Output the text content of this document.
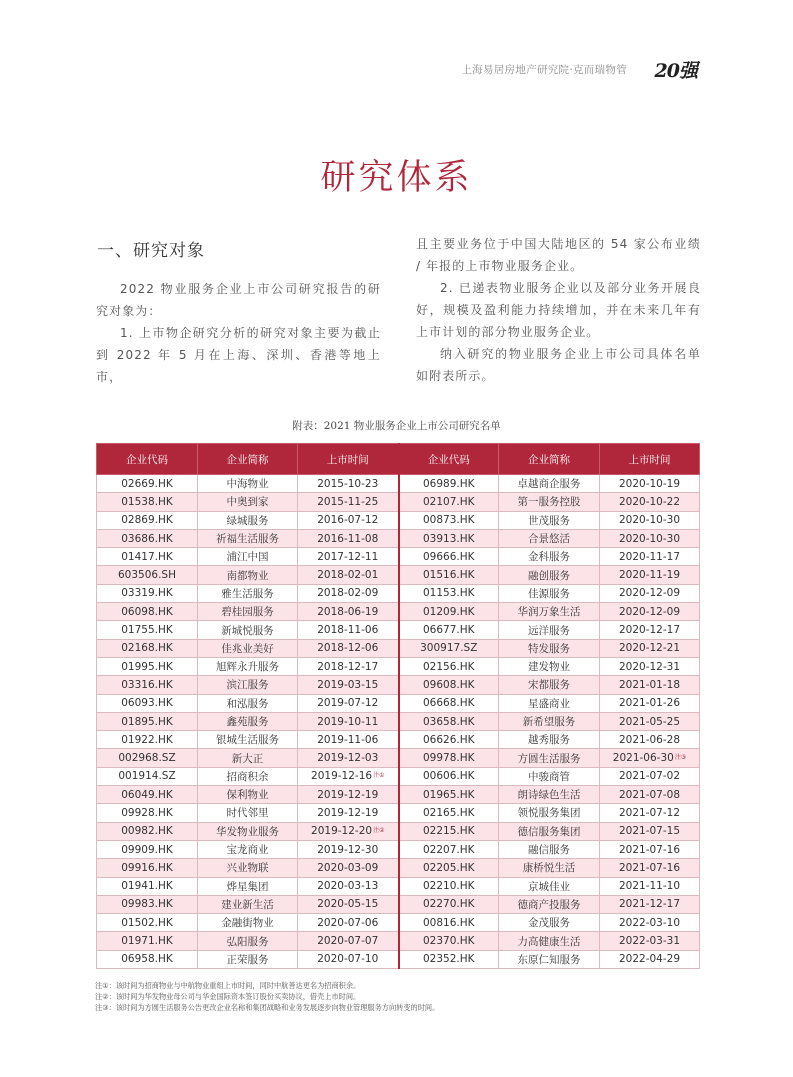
上海易居房地产研究院·克而瑞物管 20强
研究体系
一、研究对象

2022 物业服务企业上市公司研究报告的研究对象为：

1. 上市物企研究分析的研究对象主要为截止到 2022 年 5 月在上海、深圳、香港等地上市，

且主要业务位于中国大陆地区的 54 家公布业绩 / 年报的上市物业服务企业。

2. 已递表物业服务企业以及部分业务开展良好，规模及盈利能力持续增加，并在未来几年有上市计划的部分物业服务企业。

纳入研究的物业服务企业上市公司具体名单如附表所示。

附表：2021 物业服务企业上市公司研究名单
企业代码	企业简称	上市时间	企业代码	企业简称	上市时间
02669.HK	中海物业	2015-10-23	06989.HK	卓越商企服务	2020-10-19
01538.HK	中奥到家	2015-11-25	02107.HK	第一服务控股	2020-10-22
02869.HK	绿城服务	2016-07-12	00873.HK	世茂服务	2020-10-30
03686.HK	祈福生活服务	2016-11-08	03913.HK	合景悠活	2020-10-30
01417.HK	浦江中国	2017-12-11	09666.HK	金科服务	2020-11-17
603506.SH	南都物业	2018-02-01	01516.HK	融创服务	2020-11-19
03319.HK	雅生活服务	2018-02-09	01153.HK	佳源服务	2020-12-09
06098.HK	碧桂园服务	2018-06-19	01209.HK	华润万象生活	2020-12-09
01755.HK	新城悦服务	2018-11-06	06677.HK	远洋服务	2020-12-17
02168.HK	佳兆业美好	2018-12-06	300917.SZ	特发服务	2020-12-21
01995.HK	旭辉永升服务	2018-12-17	02156.HK	建发物业	2020-12-31
03316.HK	滨江服务	2019-03-15	09608.HK	宋都服务	2021-01-18
06093.HK	和泓服务	2019-07-12	06668.HK	星盛商业	2021-01-26
01895.HK	鑫苑服务	2019-10-11	03658.HK	新希望服务	2021-05-25
01922.HK	银城生活服务	2019-11-06	06626.HK	越秀服务	2021-06-28
002968.SZ	新大正	2019-12-03	09978.HK	方圆生活服务	2021-06-30$^{注③}$
001914.SZ	招商积余	2019-12-16$^{注①}$	00606.HK	中骏商管	2021-07-02
06049.HK	保利物业	2019-12-19	01965.HK	朗诗绿色生活	2021-07-08
09928.HK	时代邻里	2019-12-19	02165.HK	领悦服务集团	2021-07-12
00982.HK	华发物业服务	2019-12-20$^{注②}$	02215.HK	德信服务集团	2021-07-15
09909.HK	宝龙商业	2019-12-30	02207.HK	融信服务	2021-07-16
09916.HK	兴业物联	2020-03-09	02205.HK	康桥悦生活	2021-07-16
01941.HK	烨星集团	2020-03-13	02210.HK	京城佳业	2021-11-10
09983.HK	建业新生活	2020-05-15	02270.HK	德商产投服务	2021-12-17
01502.HK	金融街物业	2020-07-06	00816.HK	金茂服务	2022-03-10
01971.HK	弘阳服务	2020-07-07	02370.HK	力高健康生活	2022-03-31
06958.HK	正荣服务	2020-07-10	02352.HK	东原仁知服务	2022-04-29
注①：该时间为招商物业与中航物业重组上市时间，同时中航善达更名为招商积余。
注②：该时间为华发物业母公司与华金国际资本签订股份买卖协议，借壳上市时间。
注③：该时间为方圆生活服务公告更改企业名称和集团战略和业务发展逐步向物业管理服务方向转变的时间。
